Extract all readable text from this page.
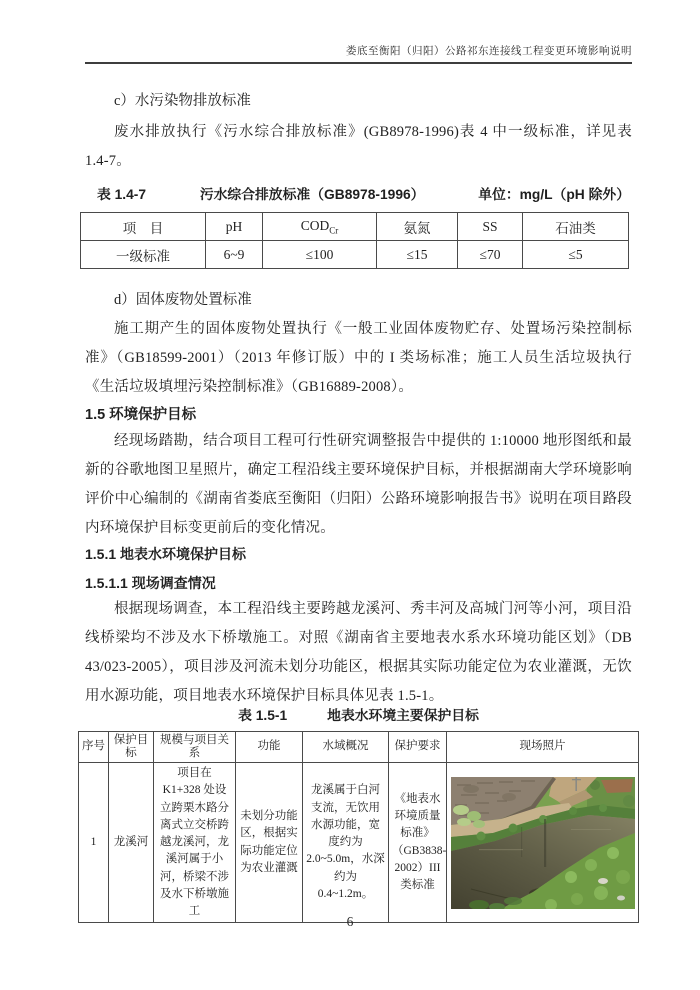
娄底至衡阳（归阳）公路祁东连接线工程变更环境影响说明

c）水污染物排放标准

废水排放执行《污水综合排放标准》(GB8978-1996)表 4 中一级标准，详见表 1.4-7。

表 1.4-7	污水综合排放标准（GB8978-1996）	单位：mg/L（pH 除外）
项　目	pH	$COD_{Cr}$	氨氮	SS	石油类
一级标准	6~9	≤100	≤15	≤70	≤5

d）固体废物处置标准

施工期产生的固体废物处置执行《一般工业固体废物贮存、处置场污染控制标准》（GB18599-2001）（2013 年修订版）中的 I 类场标准；施工人员生活垃圾执行《生活垃圾填埋污染控制标准》（GB16889-2008）。

1.5 环境保护目标

经现场踏勘，结合项目工程可行性研究调整报告中提供的 1:10000 地形图纸和最新的谷歌地图卫星照片，确定工程沿线主要环境保护目标，并根据湖南大学环境影响评价中心编制的《湖南省娄底至衡阳（归阳）公路环境影响报告书》说明在项目路段内环境保护目标变更前后的变化情况。

1.5.1 地表水环境保护目标

1.5.1.1 现场调查情况

根据现场调查，本工程沿线主要跨越龙溪河、秀丰河及高城门河等小河，项目沿线桥梁均不涉及水下桥墩施工。对照《湖南省主要地表水系水环境功能区划》（DB 43/023-2005），项目涉及河流未划分功能区，根据其实际功能定位为农业灌溉，无饮用水源功能，项目地表水环境保护目标具体见表 1.5-1。

表 1.5-1	地表水环境主要保护目标
序号	保护目标	规模与项目关系	功能	水域概况	保护要求	现场照片
1	龙溪河	项目在 K1+328 处设立跨栗木路分离式立交桥跨越龙溪河，龙溪河属于小河，桥梁不涉及水下桥墩施工	未划分功能区，根据实际功能定位为农业灌溉	龙溪属于白河支流，无饮用水源功能，宽度约为 2.0~5.0m，水深约为 0.4~1.2m。	《地表水环境质量标准》（GB3838-2002）III类标准	
6
